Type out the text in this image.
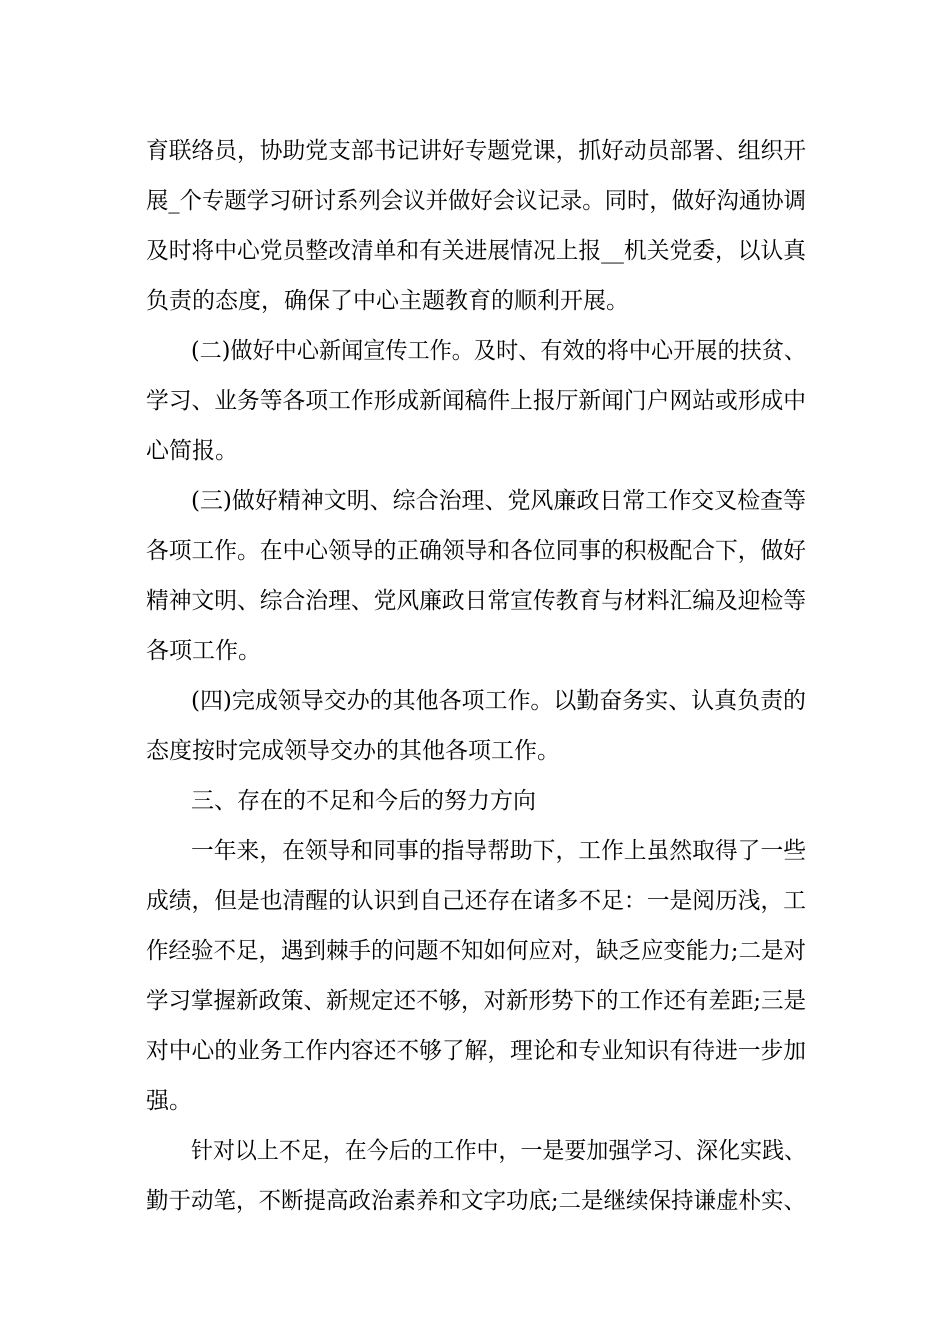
育联络员，协助党支部书记讲好专题党课，抓好动员部署、组织开
展_个专题学习研讨系列会议并做好会议记录。同时，做好沟通协调
及时将中心党员整改清单和有关进展情况上报__机关党委，以认真
负责的态度，确保了中心主题教育的顺利开展。
(二)做好中心新闻宣传工作。及时、有效的将中心开展的扶贫、
学习、业务等各项工作形成新闻稿件上报厅新闻门户网站或形成中
心简报。
(三)做好精神文明、综合治理、党风廉政日常工作交叉检查等
各项工作。在中心领导的正确领导和各位同事的积极配合下，做好
精神文明、综合治理、党风廉政日常宣传教育与材料汇编及迎检等
各项工作。
(四)完成领导交办的其他各项工作。以勤奋务实、认真负责的
态度按时完成领导交办的其他各项工作。
三、存在的不足和今后的努力方向
一年来，在领导和同事的指导帮助下，工作上虽然取得了一些
成绩，但是也清醒的认识到自己还存在诸多不足：一是阅历浅，工
作经验不足，遇到棘手的问题不知如何应对，缺乏应变能力;二是对
学习掌握新政策、新规定还不够，对新形势下的工作还有差距;三是
对中心的业务工作内容还不够了解，理论和专业知识有待进一步加
强。
针对以上不足，在今后的工作中，一是要加强学习、深化实践、
勤于动笔，不断提高政治素养和文字功底;二是继续保持谦虚朴实、
